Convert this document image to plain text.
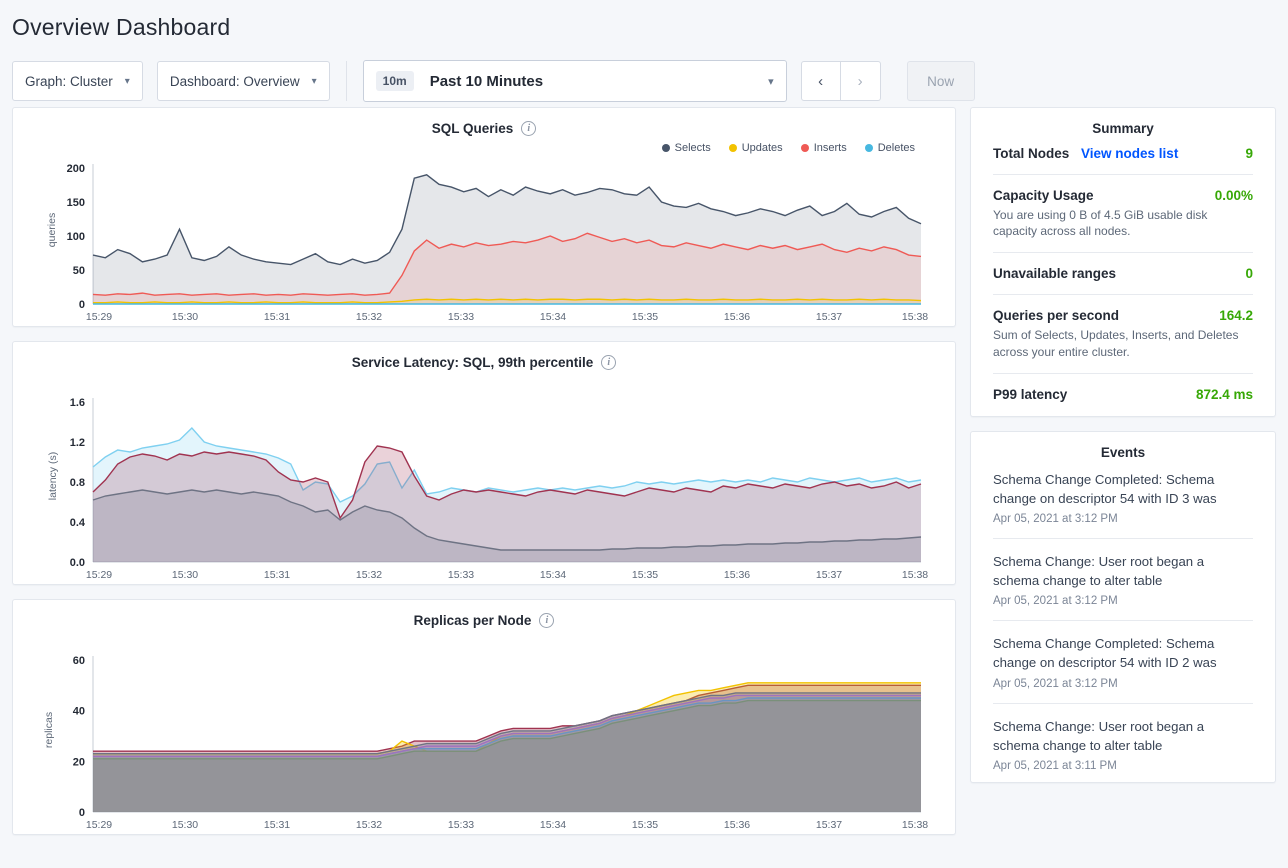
Overview Dashboard
Graph: Cluster ▾	Dashboard: Overview ▾	10m	Past 10 Minutes	▾	‹ ›	Now
SQL Queries	i
Selects	Updates	Inserts	Deletes
queries
0
50
100
150
200
15:29	15:30	15:31	15:32	15:33	15:34	15:35	15:36	15:37	15:38
Service Latency: SQL, 99th percentile	i
latency (s)
0.0
0.4
0.8
1.2
1.6
15:29	15:30	15:31	15:32	15:33	15:34	15:35	15:36	15:37	15:38
Replicas per Node	i
replicas
0
20
40
60
15:29	15:30	15:31	15:32	15:33	15:34	15:35	15:36	15:37	15:38
Summary
Total Nodes View nodes list	9
Capacity Usage	0.00%
You are using 0 B of 4.5 GiB usable disk capacity across all nodes.
Unavailable ranges	0
Queries per second	164.2
Sum of Selects, Updates, Inserts, and Deletes across your entire cluster.
P99 latency	872.4 ms
Events
Schema Change Completed: Schema change on descriptor 54 with ID 3 was
Apr 05, 2021 at 3:12 PM
Schema Change: User root began a schema change to alter table
Apr 05, 2021 at 3:12 PM
Schema Change Completed: Schema change on descriptor 54 with ID 2 was
Apr 05, 2021 at 3:12 PM
Schema Change: User root began a schema change to alter table
Apr 05, 2021 at 3:11 PM
